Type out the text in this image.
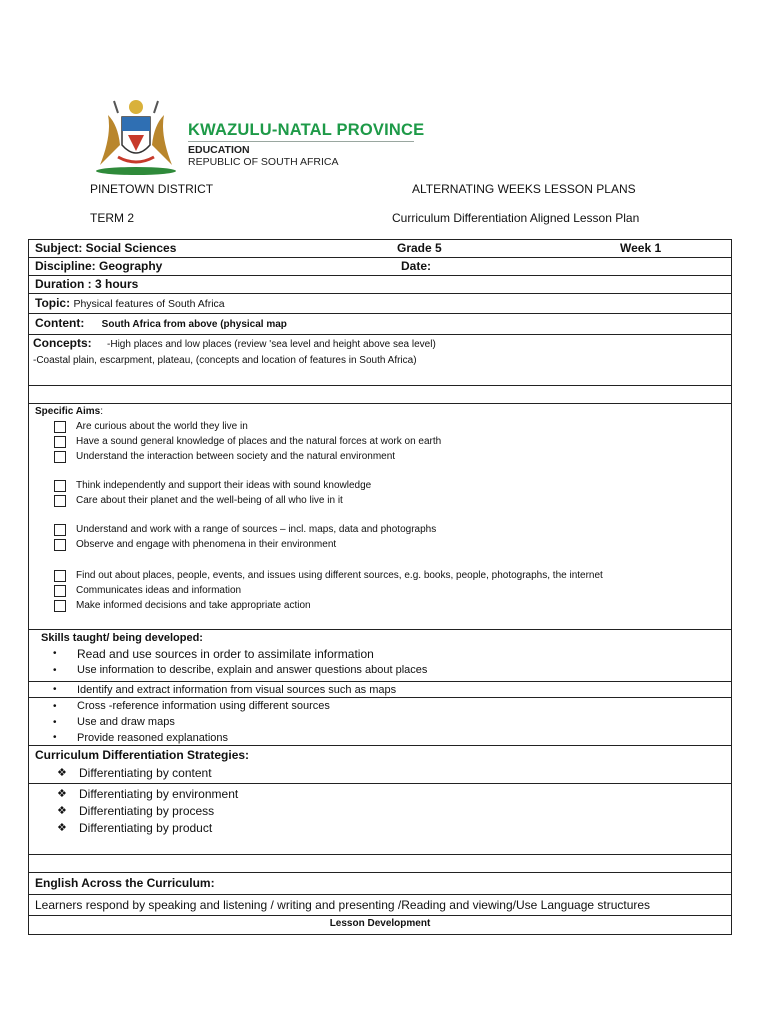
KWAZULU-NATAL PROVINCE
EDUCATION
REPUBLIC OF SOUTH AFRICA
PINETOWN DISTRICT	ALTERNATING WEEKS LESSON PLANS
TERM 2	Curriculum Differentiation Aligned Lesson Plan
Subject: Social Sciences	Grade 5	Week 1

Discipline: Geography	Date:

Duration : 3 hours
Topic: Physical features of South Africa
Content: South Africa from above (physical map

Concepts: -High places and low places (review 'sea level and height above sea level)
-Coastal plain, escarpment, plateau, (concepts and location of features in South Africa)

Specific Aims:
Are curious about the world they live in
Have a sound general knowledge of places and the natural forces at work on earth
Understand the interaction between society and the natural environment
Think independently and support their ideas with sound knowledge
Care about their planet and the well-being of all who live in it
Understand and work with a range of sources – incl. maps, data and photographs
Observe and engage with phenomena in their environment
Find out about places, people, events, and issues using different sources, e.g. books, people, photographs, the internet
Communicates ideas and information
Make informed decisions and take appropriate action

Skills taught/ being developed:
•	Read and use sources in order to assimilate information
•	Use information to describe, explain and answer questions about places

•	Identify and extract information from visual sources such as maps

•	Cross -reference information using different sources
•	Use and draw maps
•	Provide reasoned explanations

Curriculum Differentiation Strategies:
❖	Differentiating by content

❖	Differentiating by environment
❖	Differentiating by process
❖	Differentiating by product

English Across the Curriculum:
Learners respond by speaking and listening / writing and presenting /Reading and viewing/Use Language structures
Lesson Development
